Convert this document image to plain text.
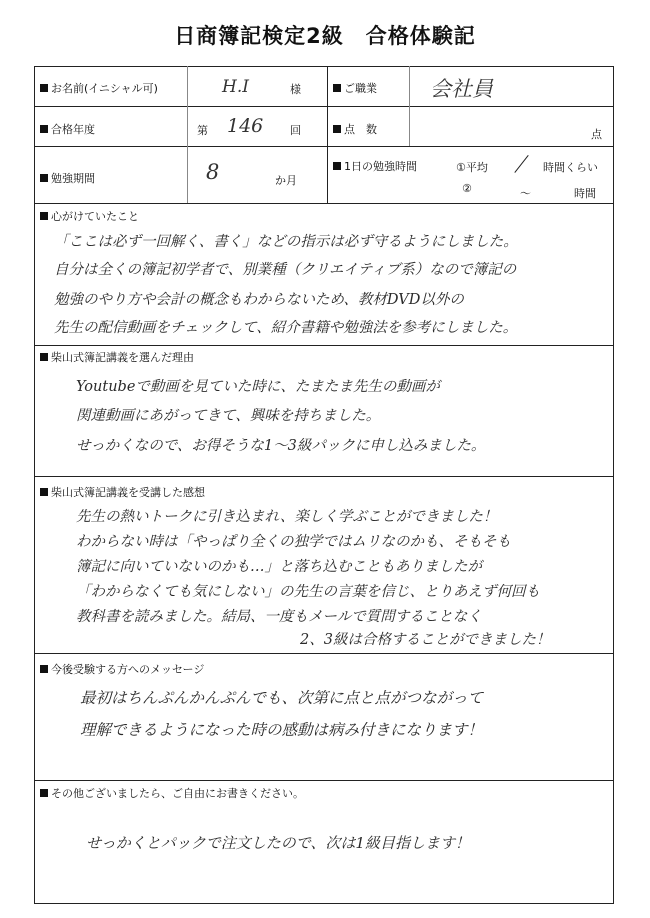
日商簿記検定2級　合格体験記
お名前(イニシャル可)	H.I	様	ご職業	会社員
合格年度	第 146 回	点　数	点
勉強期間	8	か月
1日の勉強時間	①平均	時間くらい
②	～	時間
心がけていたこと
「ここは必ず一回解く、書く」などの指示は必ず守るようにしました。
自分は全くの簿記初学者で、別業種（クリエイティブ系）なので簿記の
勉強のやり方や会計の概念もわからないため、教材DVD以外の
先生の配信動画をチェックして、紹介書籍や勉強法を参考にしました。
柴山式簿記講義を選んだ理由
Youtubeで動画を見ていた時に、たまたま先生の動画が
関連動画にあがってきて、興味を持ちました。
せっかくなので、お得そうな1～3級パックに申し込みました。
柴山式簿記講義を受講した感想
先生の熱いトークに引き込まれ、楽しく学ぶことができました！
わからない時は「やっぱり全くの独学ではムリなのかも、そもそも
簿記に向いていないのかも…」と落ち込むこともありましたが
「わからなくても気にしない」の先生の言葉を信じ、とりあえず何回も
教科書を読みました。結局、一度もメールで質問することなく
2、3級は合格することができました！
今後受験する方へのメッセージ
最初はちんぷんかんぷんでも、次第に点と点がつながって
理解できるようになった時の感動は病み付きになります！
その他ございましたら、ご自由にお書きください。
せっかくとパックで注文したので、次は1級目指します！
